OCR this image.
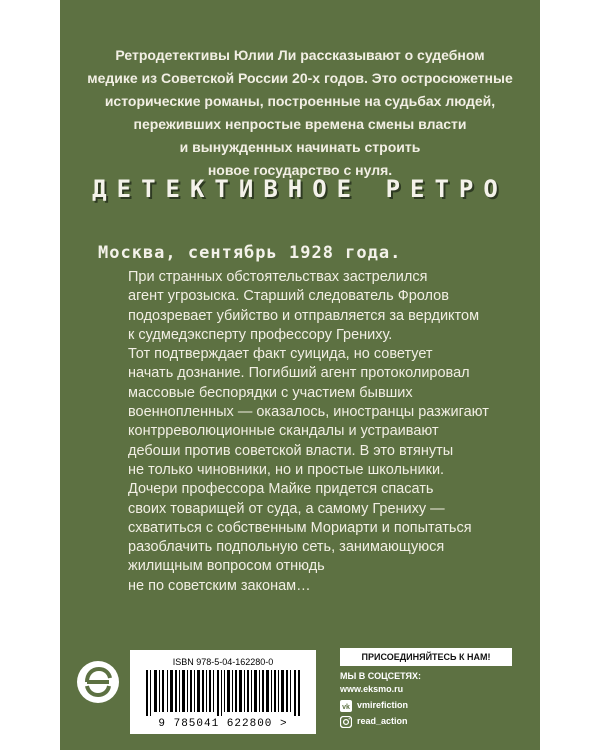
Ретродетективы Юлии Ли рассказывают о судебном
медике из Советской России 20-х годов. Это остросюжетные
исторические романы, построенные на судьбах людей,
переживших непростые времена смены власти
и вынужденных начинать строить
новое государство с нуля.
ДЕТЕКТИВНОЕ РЕТРО
Москва, сентябрь 1928 года.
При странных обстоятельствах застрелился
агент угрозыска. Старший следователь Фролов
подозревает убийство и отправляется за вердиктом
к судмедэксперту профессору Грениху.
Тот подтверждает факт суицида, но советует
начать дознание. Погибший агент протоколировал
массовые беспорядки с участием бывших
военнопленных — оказалось, иностранцы разжигают
контрреволюционные скандалы и устраивают
дебоши против советской власти. В это втянуты
не только чиновники, но и простые школьники.
Дочери профессора Майке придется спасать
своих товарищей от суда, а самому Грениху —
схватиться с собственным Мориарти и попытаться
разоблачить подпольную сеть, занимающуюся
жилищным вопросом отнюдь
не по советским законам…
ISBN 978-5-04-162280-0
9 785041 622800 >
ПРИСОЕДИНЯЙТЕСЬ К НАМ!
МЫ В СОЦСЕТЯХ:
www.eksmo.ru
vk vmirefiction
read_action
